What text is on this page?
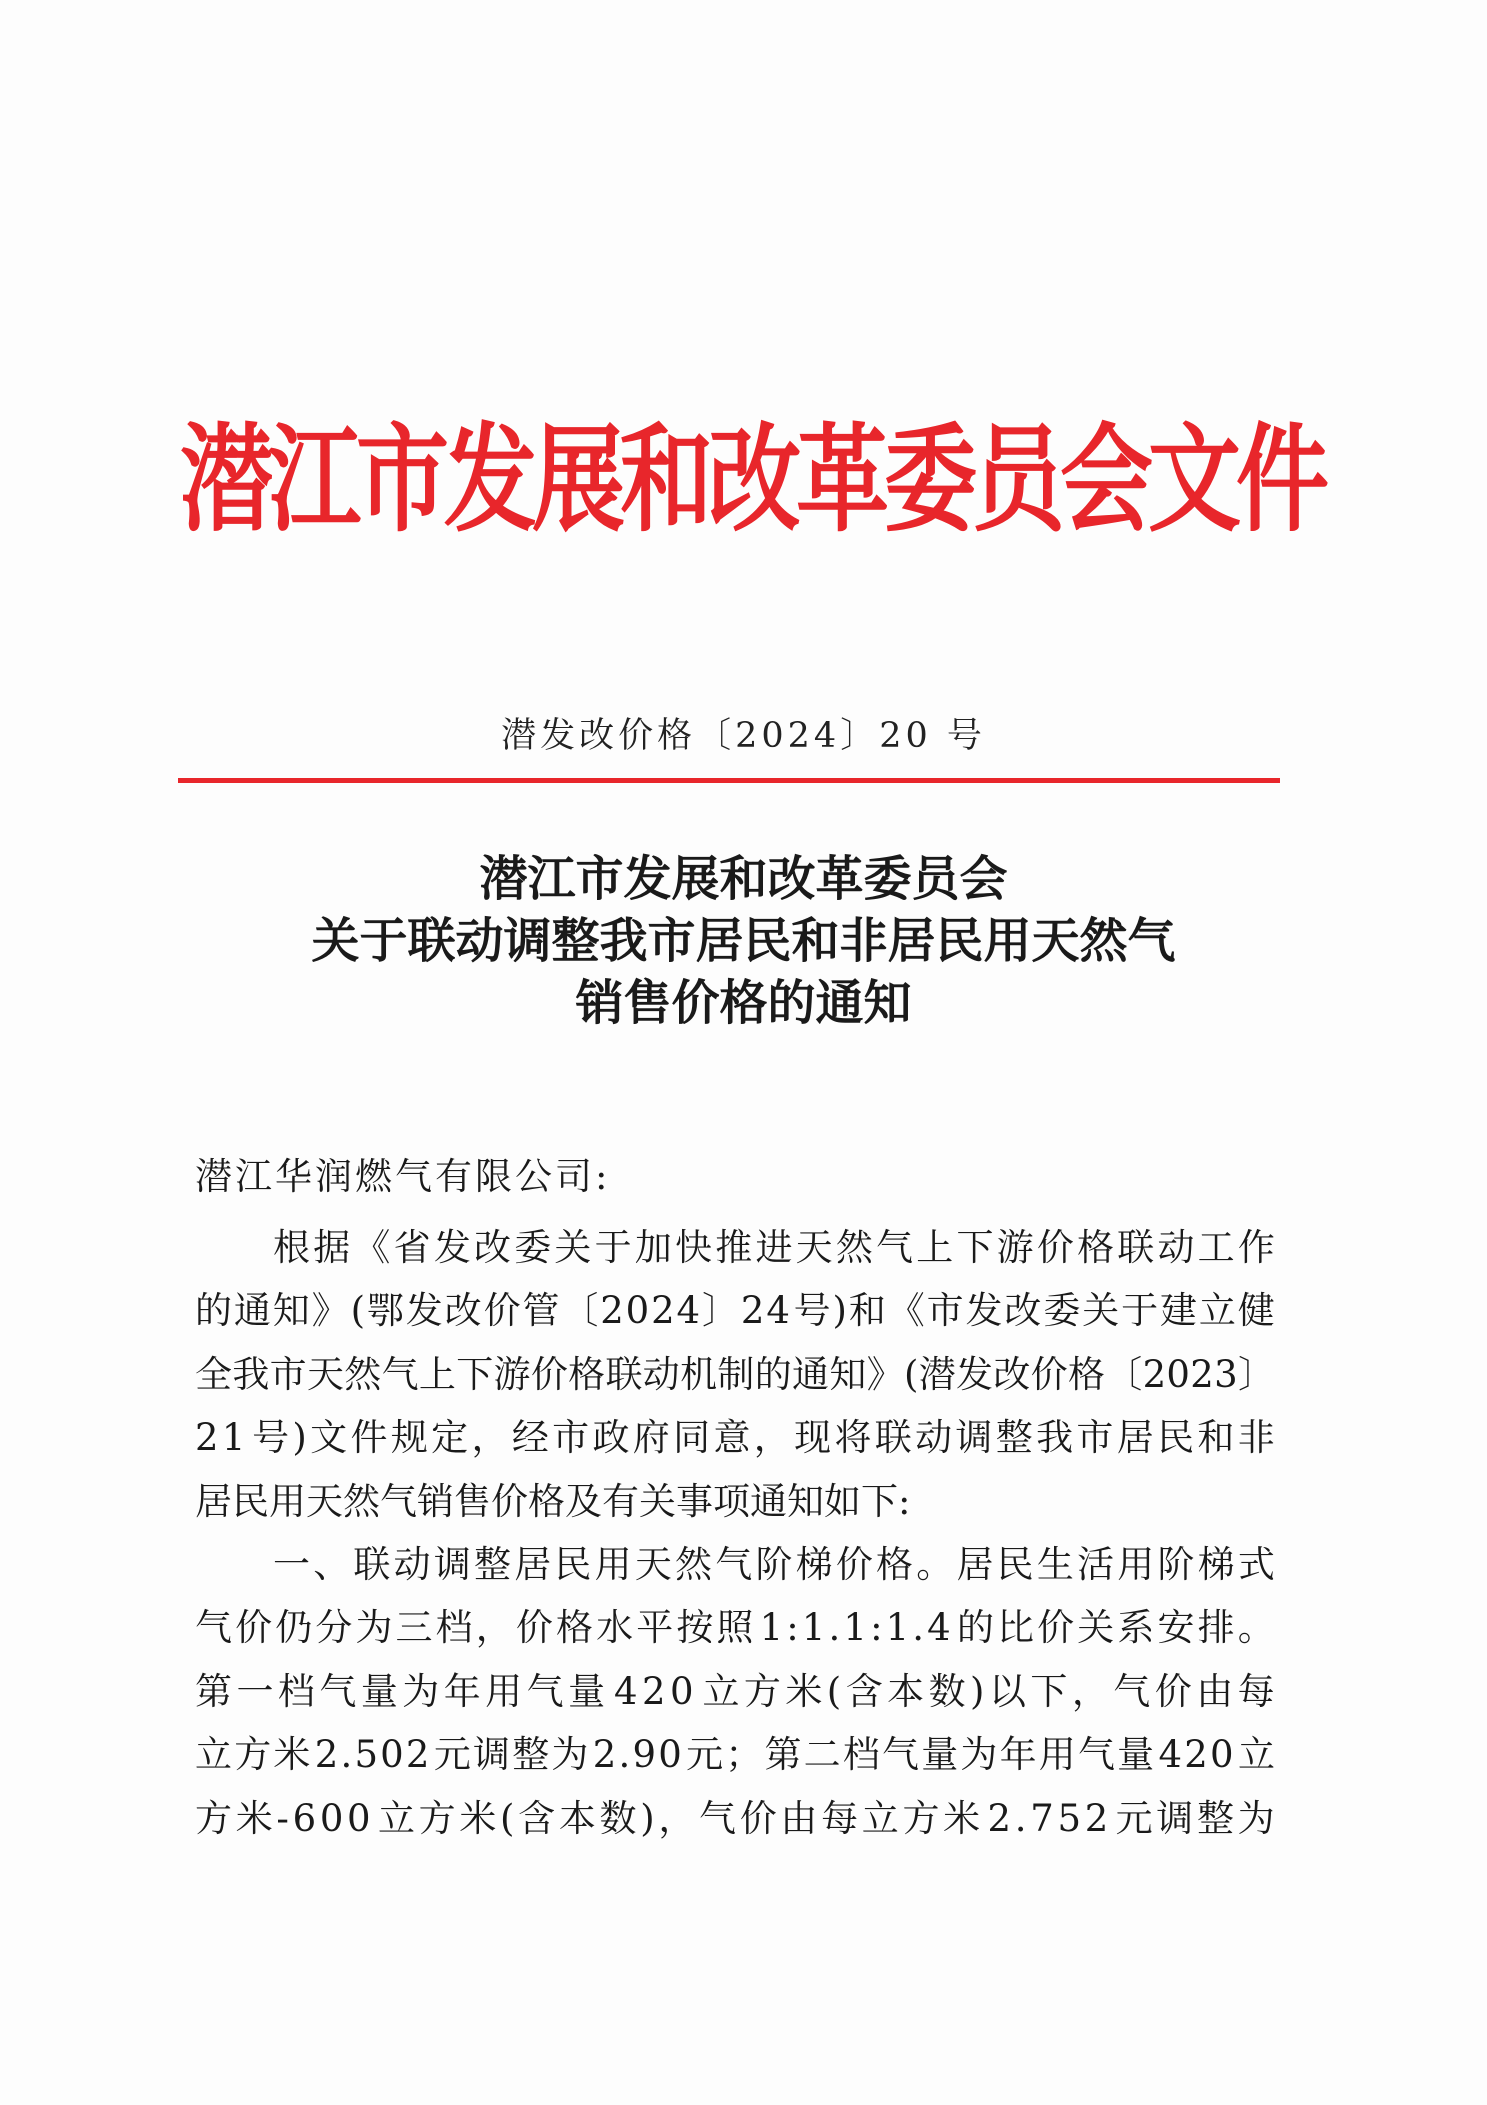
潜江市发展和改革委员会文件
潜发改价格〔2024〕20 号
潜江市发展和改革委员会
关于联动调整我市居民和非居民用天然气
销售价格的通知
潜江华润燃气有限公司:
根 据 《 省 发 改 委 关 于 加 快 推 进 天 然 气 上 下 游 价 格 联 动 工 作
的 通 知 》 ( 鄂 发 改 价 管 〔 2 0 2 4 〕 2 4 号 ) 和 《 市 发 改 委 关 于 建 立 健
全 我 市 天 然 气 上 下 游 价 格 联 动 机 制 的 通 知 》 ( 潜 发 改 价 格 〔 2 0 2 3 〕
2 1 号 ) 文 件 规 定 ， 经 市 政 府 同 意 ， 现 将 联 动 调 整 我 市 居 民 和 非
居民用天然气销售价格及有关事项通知如下:
一 、 联 动 调 整 居 民 用 天 然 气 阶 梯 价 格 。 居 民 生 活 用 阶 梯 式
气 价 仍 分 为 三 档 ， 价 格 水 平 按 照 1 : 1 . 1 : 1 . 4 的 比 价 关 系 安 排 。
第 一 档 气 量 为 年 用 气 量 4 2 0 立 方 米 ( 含 本 数 ) 以 下 ， 气 价 由 每
立 方 米 2 . 5 0 2 元 调 整 为 2 . 9 0 元 ； 第 二 档 气 量 为 年 用 气 量 4 2 0 立
方 米 - 6 0 0 立 方 米 ( 含 本 数 ) ， 气 价 由 每 立 方 米 2 . 7 5 2 元 调 整 为
